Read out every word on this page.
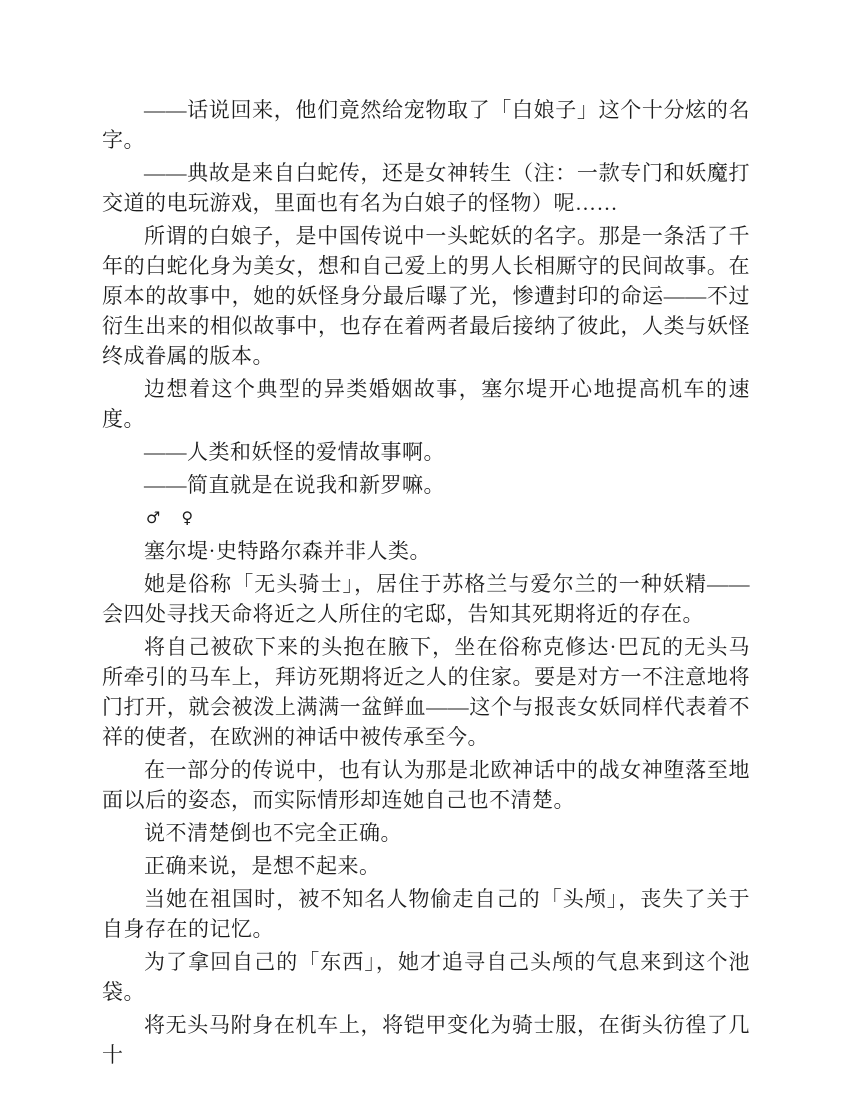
——话说回来，他们竟然给宠物取了「白娘子」这个十分炫的名字。

——典故是来自白蛇传，还是女神转生（注：一款专门和妖魔打交道的电玩游戏，里面也有名为白娘子的怪物）呢……

所谓的白娘子，是中国传说中一头蛇妖的名字。那是一条活了千年的白蛇化身为美女，想和自己爱上的男人长相厮守的民间故事。在原本的故事中，她的妖怪身分最后曝了光，惨遭封印的命运——不过衍生出来的相似故事中，也存在着两者最后接纳了彼此，人类与妖怪终成眷属的版本。

边想着这个典型的异类婚姻故事，塞尔堤开心地提高机车的速度。

——人类和妖怪的爱情故事啊。

——简直就是在说我和新罗嘛。

♂ ♀

塞尔堤·史特路尔森并非人类。

她是俗称「无头骑士」，居住于苏格兰与爱尔兰的一种妖精——会四处寻找天命将近之人所住的宅邸，告知其死期将近的存在。

将自己被砍下来的头抱在腋下，坐在俗称克修达·巴瓦的无头马所牵引的马车上，拜访死期将近之人的住家。要是对方一不注意地将门打开，就会被泼上满满一盆鲜血——这个与报丧女妖同样代表着不祥的使者，在欧洲的神话中被传承至今。

在一部分的传说中，也有认为那是北欧神话中的战女神堕落至地面以后的姿态，而实际情形却连她自己也不清楚。

说不清楚倒也不完全正确。

正确来说，是想不起来。

当她在祖国时，被不知名人物偷走自己的「头颅」，丧失了关于自身存在的记忆。

为了拿回自己的「东西」，她才追寻自己头颅的气息来到这个池袋。

将无头马附身在机车上，将铠甲变化为骑士服，在街头彷徨了几十
